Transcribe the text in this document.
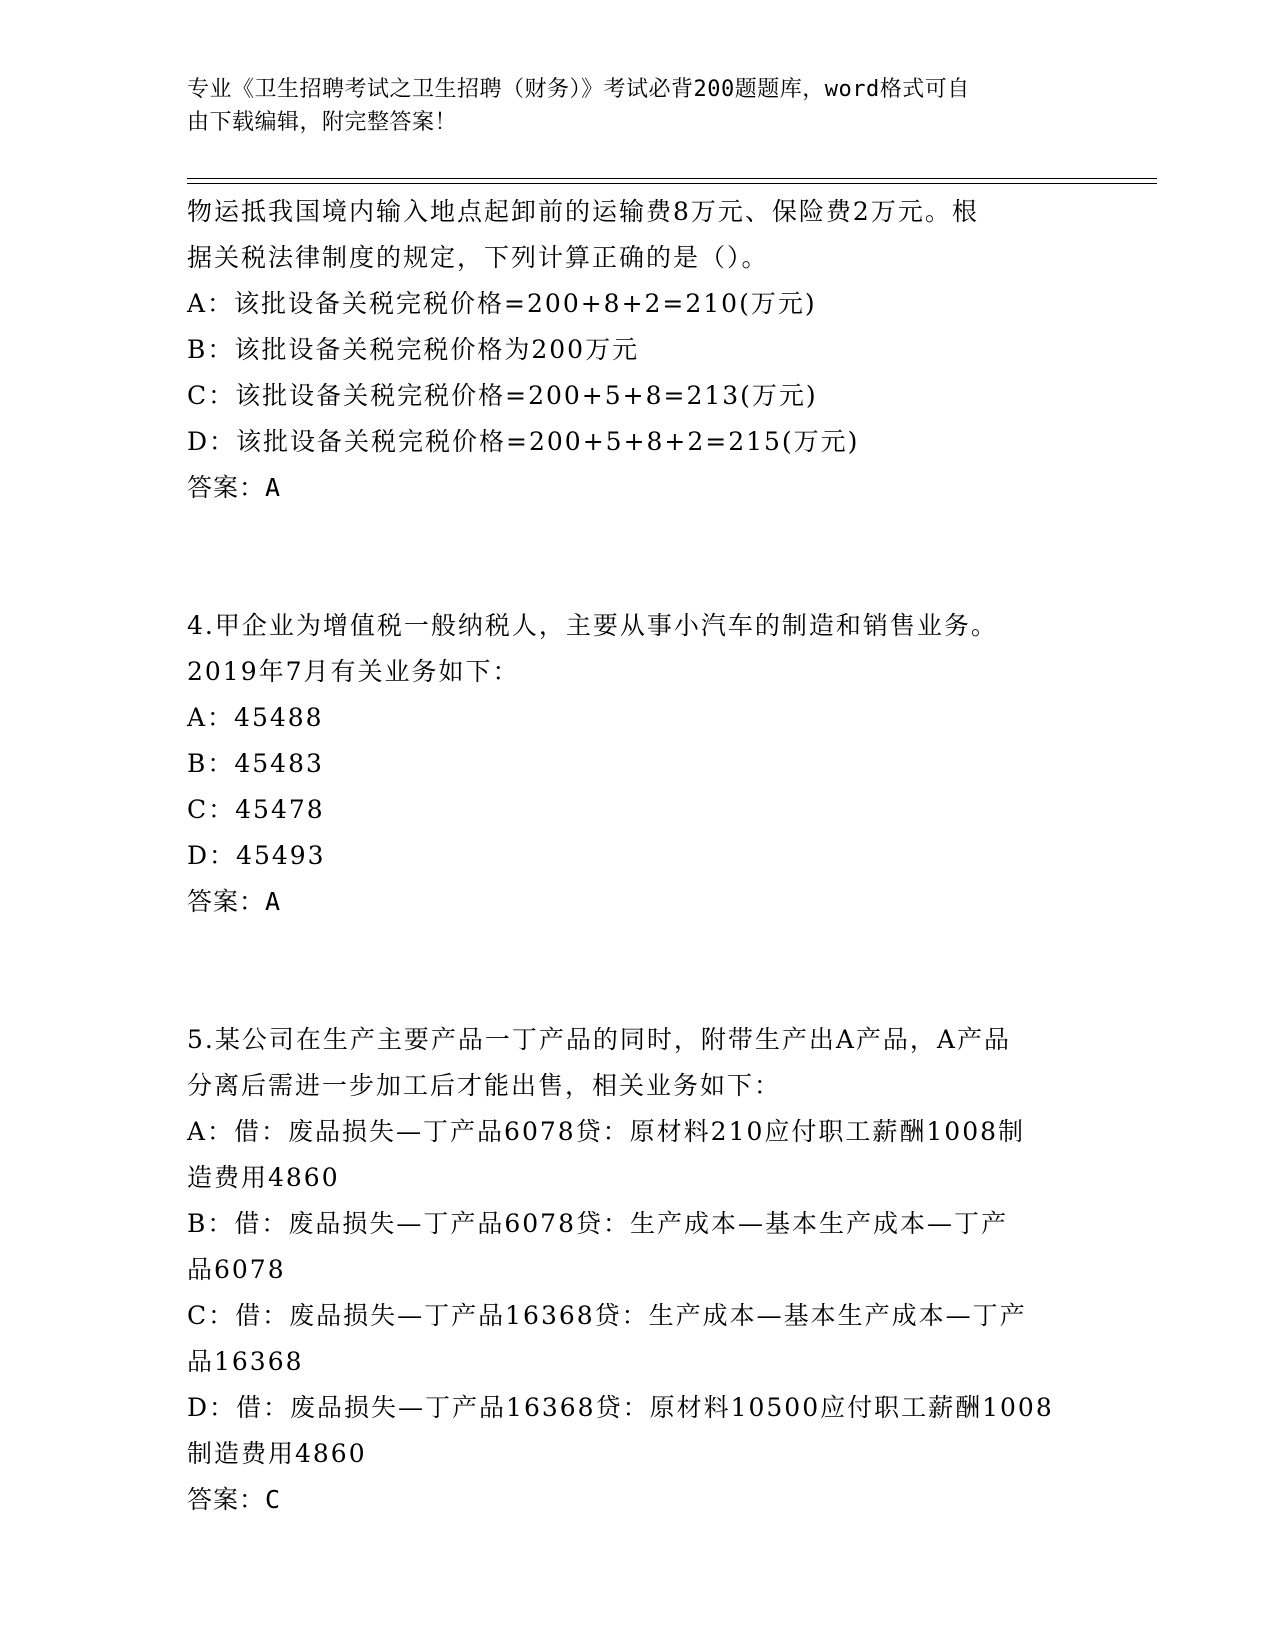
专业《卫生招聘考试之卫生招聘（财务）》考试必背200题题库，word格式可自
由下载编辑，附完整答案！
物运抵我国境内输入地点起卸前的运输费8万元、保险费2万元。根
据关税法律制度的规定，下列计算正确的是（）。
A：该批设备关税完税价格=200+8+2=210(万元)
B：该批设备关税完税价格为200万元
C：该批设备关税完税价格=200+5+8=213(万元)
D：该批设备关税完税价格=200+5+8+2=215(万元)
答案：A
4.甲企业为增值税一般纳税人，主要从事小汽车的制造和销售业务。
2019年7月有关业务如下：
A：45488
B：45483
C：45478
D：45493
答案：A
5.某公司在生产主要产品一丁产品的同时，附带生产出A产品，A产品
分离后需进一步加工后才能出售，相关业务如下：
A：借：废品损失—丁产品6078贷：原材料210应付职工薪酬1008制
造费用4860
B：借：废品损失—丁产品6078贷：生产成本—基本生产成本—丁产
品6078
C：借：废品损失—丁产品16368贷：生产成本—基本生产成本—丁产
品16368
D：借：废品损失—丁产品16368贷：原材料10500应付职工薪酬1008
制造费用4860
答案：C
